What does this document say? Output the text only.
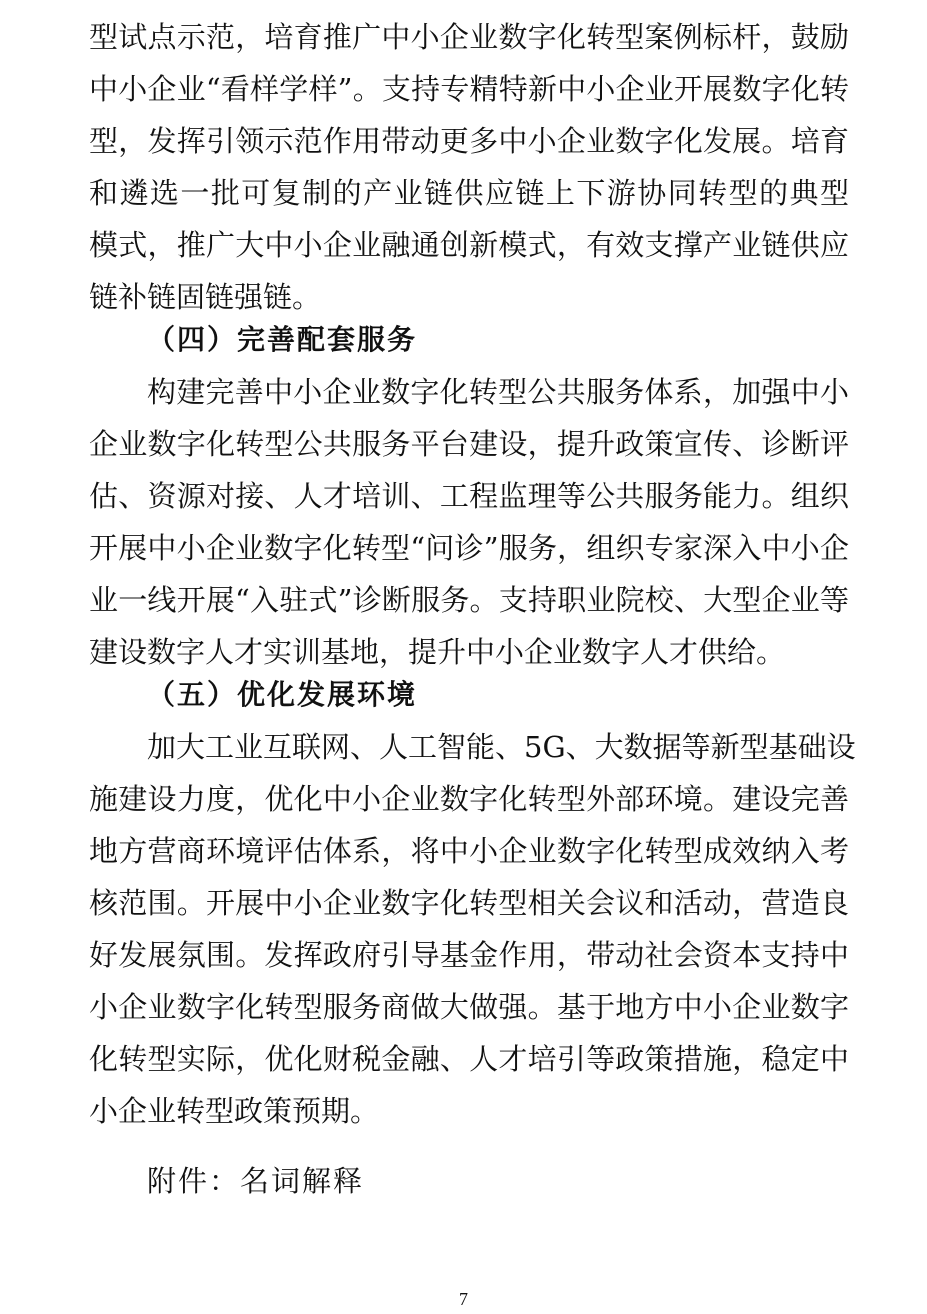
型试点示范，培育推广中小企业数字化转型案例标杆，鼓励
中小企业“看样学样”。支持专精特新中小企业开展数字化转
型，发挥引领示范作用带动更多中小企业数字化发展。培育
和遴选一批可复制的产业链供应链上下游协同转型的典型
模式，推广大中小企业融通创新模式，有效支撑产业链供应
链补链固链强链。
（四）完善配套服务
构建完善中小企业数字化转型公共服务体系，加强中小
企业数字化转型公共服务平台建设，提升政策宣传、诊断评
估、资源对接、人才培训、工程监理等公共服务能力。组织
开展中小企业数字化转型“问诊”服务，组织专家深入中小企
业一线开展“入驻式”诊断服务。支持职业院校、大型企业等
建设数字人才实训基地，提升中小企业数字人才供给。
（五）优化发展环境
加大工业互联网、人工智能、5G、大数据等新型基础设
施建设力度，优化中小企业数字化转型外部环境。建设完善
地方营商环境评估体系，将中小企业数字化转型成效纳入考
核范围。开展中小企业数字化转型相关会议和活动，营造良
好发展氛围。发挥政府引导基金作用，带动社会资本支持中
小企业数字化转型服务商做大做强。基于地方中小企业数字
化转型实际，优化财税金融、人才培引等政策措施，稳定中
小企业转型政策预期。
附件：名词解释
7
